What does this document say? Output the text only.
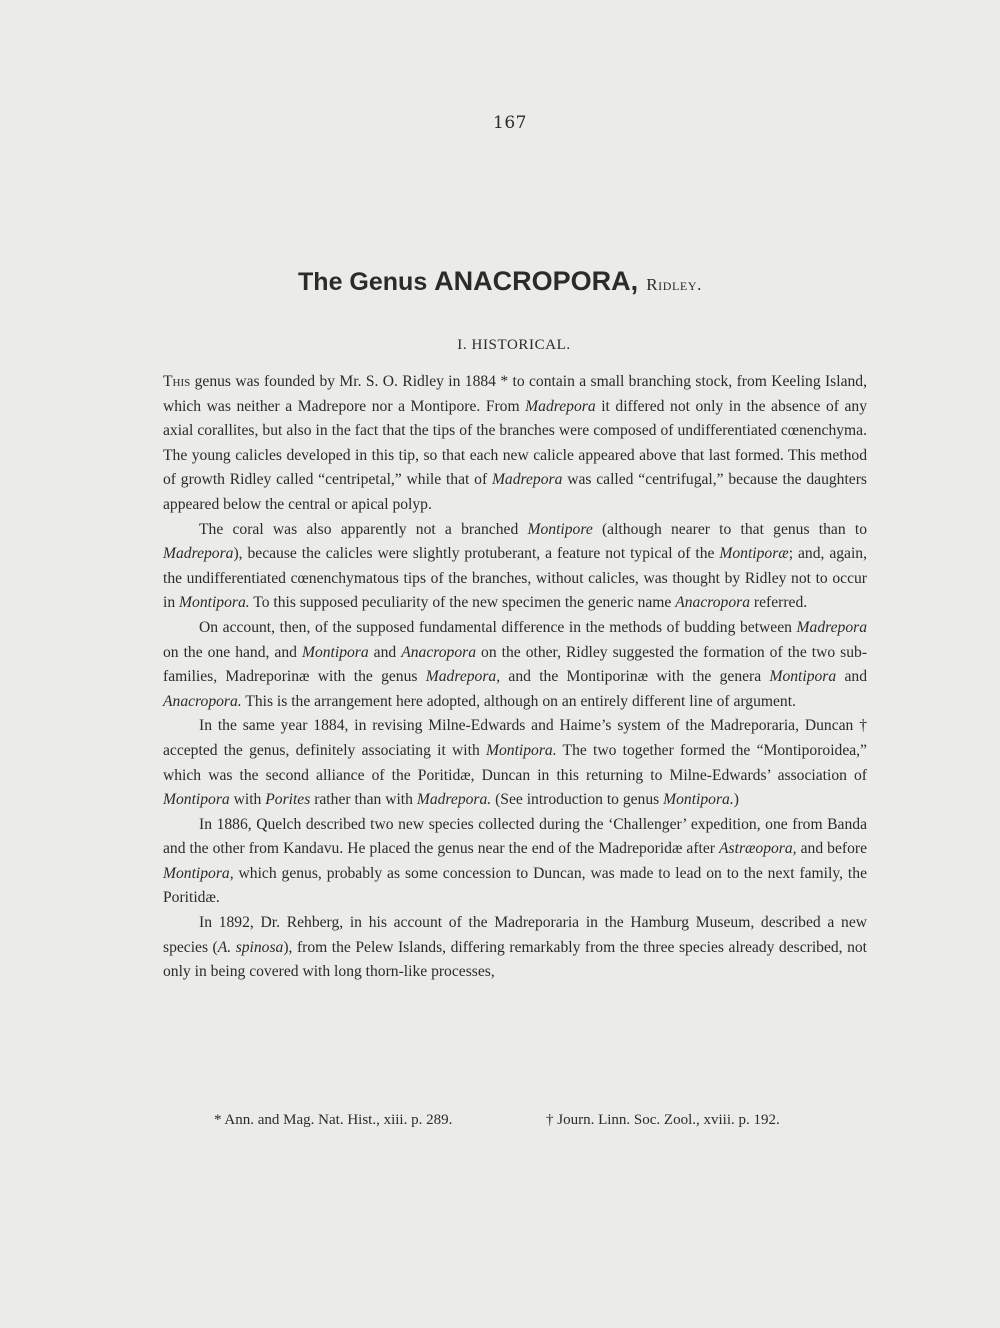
167
The Genus ANACROPORA, Ridley.
I. HISTORICAL.

This genus was founded by Mr. S. O. Ridley in 1884 * to contain a small branching stock, from Keeling Island, which was neither a Madrepore nor a Montipore. From Madrepora it differed not only in the absence of any axial corallites, but also in the fact that the tips of the branches were composed of undifferentiated cœnenchyma. The young calicles developed in this tip, so that each new calicle appeared above that last formed. This method of growth Ridley called “centripetal,” while that of Madrepora was called “centrifugal,” because the daughters appeared below the central or apical polyp.

The coral was also apparently not a branched Montipore (although nearer to that genus than to Madrepora), because the calicles were slightly protuberant, a feature not typical of the Montiporæ; and, again, the undifferentiated cœnenchymatous tips of the branches, without calicles, was thought by Ridley not to occur in Montipora. To this supposed peculiarity of the new specimen the generic name Anacropora referred.

On account, then, of the supposed fundamental difference in the methods of budding between Madrepora on the one hand, and Montipora and Anacropora on the other, Ridley suggested the formation of the two sub-families, Madreporinæ with the genus Madrepora, and the Montiporinæ with the genera Montipora and Anacropora. This is the arrangement here adopted, although on an entirely different line of argument.

In the same year 1884, in revising Milne-Edwards and Haime’s system of the Madreporaria, Duncan † accepted the genus, definitely associating it with Montipora. The two together formed the “Montiporoidea,” which was the second alliance of the Poritidæ, Duncan in this returning to Milne-Edwards’ association of Montipora with Porites rather than with Madrepora. (See introduction to genus Montipora.)

In 1886, Quelch described two new species collected during the ‘Challenger’ expedition, one from Banda and the other from Kandavu. He placed the genus near the end of the Madreporidæ after Astræopora, and before Montipora, which genus, probably as some concession to Duncan, was made to lead on to the next family, the Poritidæ.

In 1892, Dr. Rehberg, in his account of the Madreporaria in the Hamburg Museum, described a new species (A. spinosa), from the Pelew Islands, differing remarkably from the three species already described, not only in being covered with long thorn-like processes,

* Ann. and Mag. Nat. Hist., xiii. p. 289.	† Journ. Linn. Soc. Zool., xviii. p. 192.
